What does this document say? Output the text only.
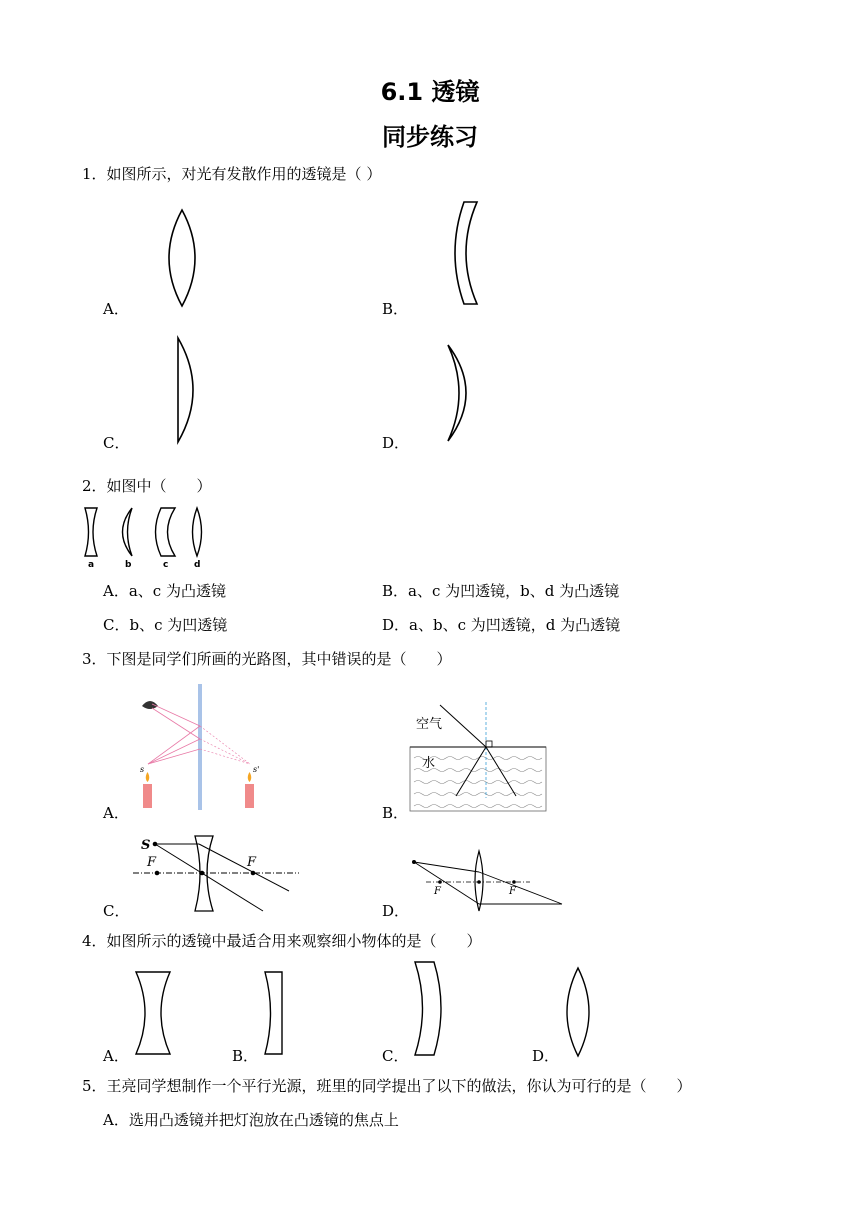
6.1 透镜
同步练习
1．如图所示，对光有发散作用的透镜是（ ）
A．	B．
C．	D．
2．如图中（　　）
a	b	c	d
A．a、c 为凸透镜	B．a、c 为凹透镜，b、d 为凸透镜
C．b、c 为凹透镜	D．a、b、c 为凹透镜，d 为凸透镜
3．下图是同学们所画的光路图，其中错误的是（　　）
s	s'
A．
空气
水
B．
S
F	F
C．
F	F
D．
4．如图所示的透镜中最适合用来观察细小物体的是（　　）
A．	B．	C．	D．
5．王亮同学想制作一个平行光源，班里的同学提出了以下的做法，你认为可行的是（　　）
A．选用凸透镜并把灯泡放在凸透镜的焦点上
